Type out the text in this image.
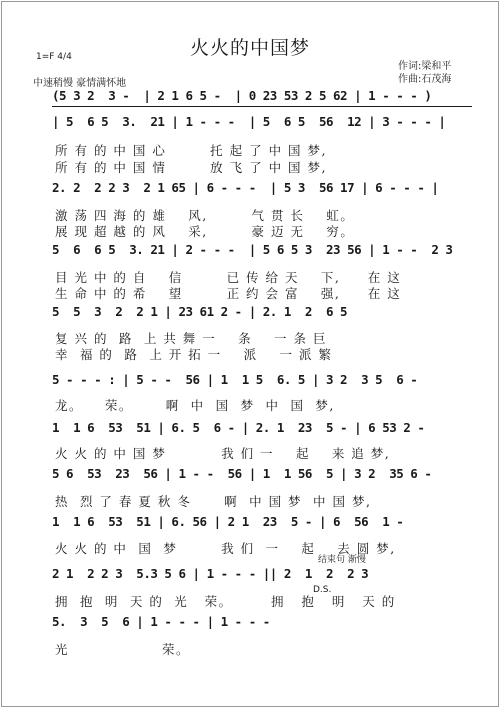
火火的中国梦
1=F 4/4
中速稍慢 豪情满怀地
作词:梁和平
作曲:石茂海
(5 3 2  3 -  | 2 1 6 5 -  | 0 23 53 2 5 62 | 1 - - - )
| 5  6 5  3.  21 | 1 - - -  | 5  6 5  56  12 | 3 - - - |
所 有 的 中 国 心        托 起 了 中 国 梦,
所 有 的 中 国 情        放 飞 了 中 国 梦,
2. 2  2 2 3  2 1 65 | 6 - - -  | 5 3  56 17 | 6 - - - |
激 荡 四 海 的 雄    风,        气 贯 长    虹。
展 现 超 越 的 风    采,        豪 迈 无    穷。
5  6  6 5  3. 21 | 2 - - -  | 5 6 5 3  23 56 | 1 - -  2 3
目 光 中 的 自    信        已 传 给 天    下,     在 这
生 命 中 的 希    望        正 约 会 富    强,     在 这
5  5  3  2  2 1 | 23 61 2 - | 2. 1  2  6 5
复 兴 的  路  上 共 舞 一    条    一 条 巨
幸  福 的  路  上 开 拓 一    派    一 派 繁
5 - - - : | 5 - -  56 | 1  1 5  6. 5 | 3 2  3 5  6 -
龙。    荣。      啊  中  国  梦  中  国  梦,
1  1 6  53  51 | 6. 5  6 - | 2. 1  23  5 - | 6 53 2 -
火 火 的 中 国 梦          我 们 一    起    来 追 梦,
5 6  53  23  56 | 1 - -  56 | 1  1 56  5 | 3 2  35 6 -
热  烈 了 春 夏 秋 冬      啊  中 国 梦  中 国 梦,
1  1 6  53  51 | 6. 56 | 2 1  23  5 - | 6  56  1 -
火 火 的 中  国  梦        我 们  一    起    去 圆 梦,
结束句 渐慢
2 1  2 2 3  5.3 5 6 | 1 - - - || 2  1  2  2 3
D.S.
拥  抱  明  天 的  光   荣。       拥   抱   明   天 的
5.  3  5  6 | 1 - - - | 1 - - -
光                 荣。
